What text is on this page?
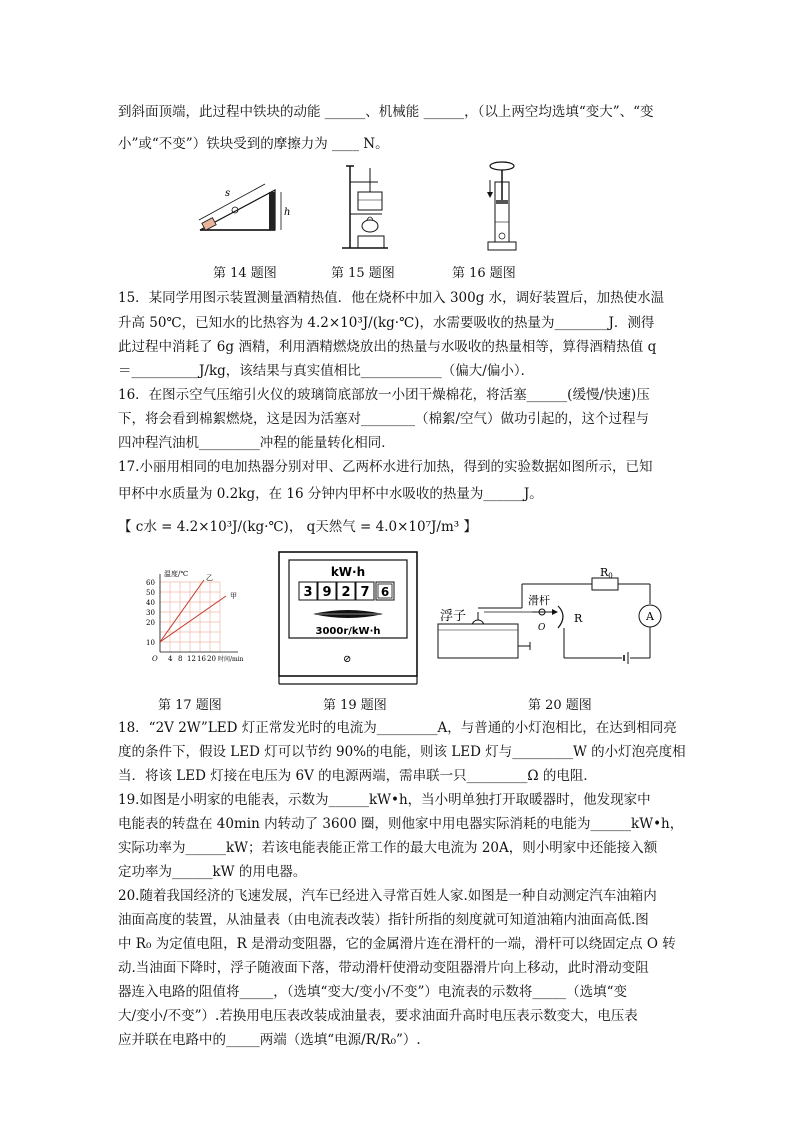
到斜面顶端，此过程中铁块的动能 ______、机械能 ______，（以上两空均选填“变大”、“变
小”或“不变”）铁块受到的摩擦力为 ____ N。
s
h
第 14 题图	第 15 题图	第 16 题图
15．某同学用图示装置测量酒精热值．他在烧杯中加入 300g 水，调好装置后，加热使水温
升高 50℃，已知水的比热容为 4.2×10³J/(kg·℃)，水需要吸收的热量为________J．测得
此过程中消耗了 6g 酒精，利用酒精燃烧放出的热量与水吸收的热量相等，算得酒精热值 q
＝__________J/kg，该结果与真实值相比____________（偏大/偏小）．
16．在图示空气压缩引火仪的玻璃筒底部放一小团干燥棉花，将活塞______(缓慢/快速)压
下，将会看到棉絮燃烧，这是因为活塞对________（棉絮/空气）做功引起的，这个过程与
四冲程汽油机_________冲程的能量转化相同．
17.小丽用相同的电加热器分别对甲、乙两杯水进行加热，得到的实验数据如图所示，已知
甲杯中水质量为 0.2kg，在 16 分钟内甲杯中水吸收的热量为______J。
【 c水 = 4.2×10³J/(kg·℃)， q天然气 = 4.0×10⁷J/m³ 】
温度/℃	乙
甲
60
50
40
30
20
10
O 4 8 12 16 20 时间/min
kW·h
3 9 2 7 6
3000r/kW·h
⊘
R0
A
R
滑杆
O
浮子
第 17 题图	第 19 题图	第 20 题图
18．“2V 2W”LED 灯正常发光时的电流为_________A，与普通的小灯泡相比，在达到相同亮
度的条件下，假设 LED 灯可以节约 90%的电能，则该 LED 灯与_________W 的小灯泡亮度相
当．将该 LED 灯接在电压为 6V 的电源两端，需串联一只_________Ω 的电阻．
19.如图是小明家的电能表，示数为______kW•h，当小明单独打开取暖器时，他发现家中
电能表的转盘在 40min 内转动了 3600 圈，则他家中用电器实际消耗的电能为______kW•h，
实际功率为______kW；若该电能表能正常工作的最大电流为 20A，则小明家中还能接入额
定功率为______kW 的用电器。
20.随着我国经济的飞速发展，汽车已经进入寻常百姓人家.如图是一种自动测定汽车油箱内
油面高度的装置，从油量表（由电流表改装）指针所指的刻度就可知道油箱内油面高低.图
中 R₀ 为定值电阻，R 是滑动变阻器，它的金属滑片连在滑杆的一端，滑杆可以绕固定点 O 转
动.当油面下降时，浮子随液面下落，带动滑杆使滑动变阻器滑片向上移动，此时滑动变阻
器连入电路的阻值将_____，（选填“变大/变小/不变”）电流表的示数将_____（选填“变
大/变小/不变”）.若换用电压表改装成油量表，要求油面升高时电压表示数变大，电压表
应并联在电路中的_____两端（选填“电源/R/R₀”）.
